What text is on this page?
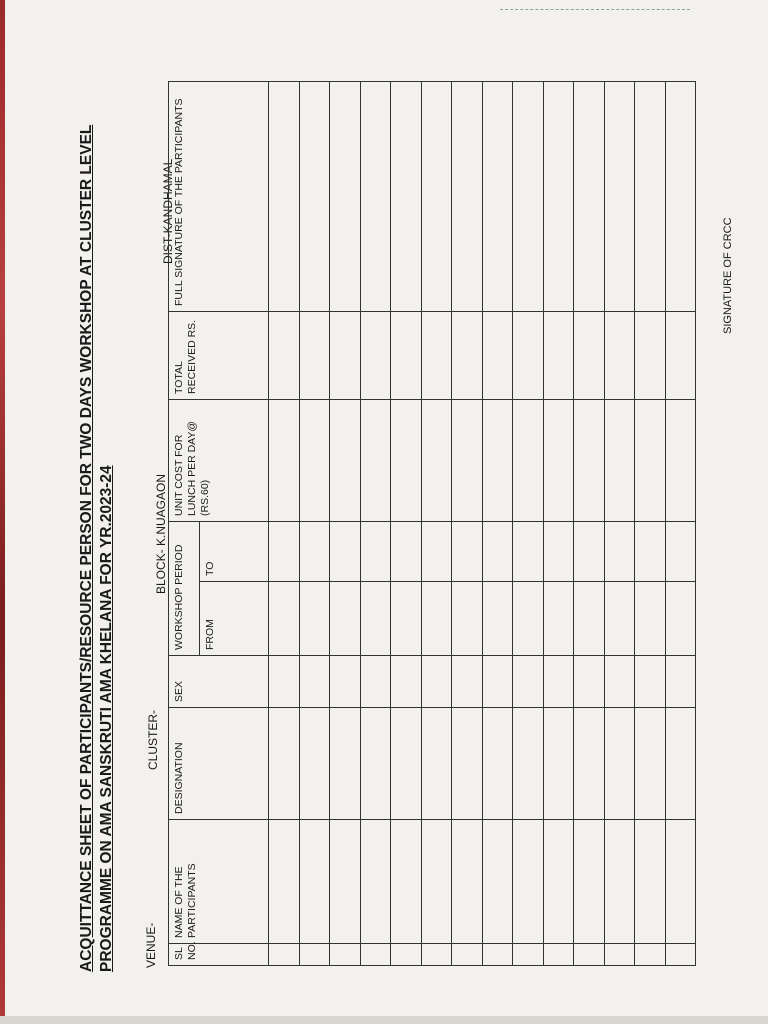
ACQUITTANCE SHEET OF PARTICIPANTS/RESOURCE PERSON FOR TWO DAYS WORKSHOP AT CLUSTER LEVEL PROGRAMME ON AMA SANSKRUTI AMA KHELANA FOR YR.2023-24 VENUE-
CLUSTER-
BLOCK- K.NUAGAON
DIST-KANDHAMAL
SL NO.	NAME OF THE PARTICIPANTS	DESIGNATION	SEX	WORKSHOP PERIOD		UNIT COST FOR LUNCH PER DAY@ (RS.60)	TOTAL RECEIVED RS.	FULL SIGNATURE OF THE PARTICIPANTS
				FROM	TO			

SIGNATURE OF CRCC
